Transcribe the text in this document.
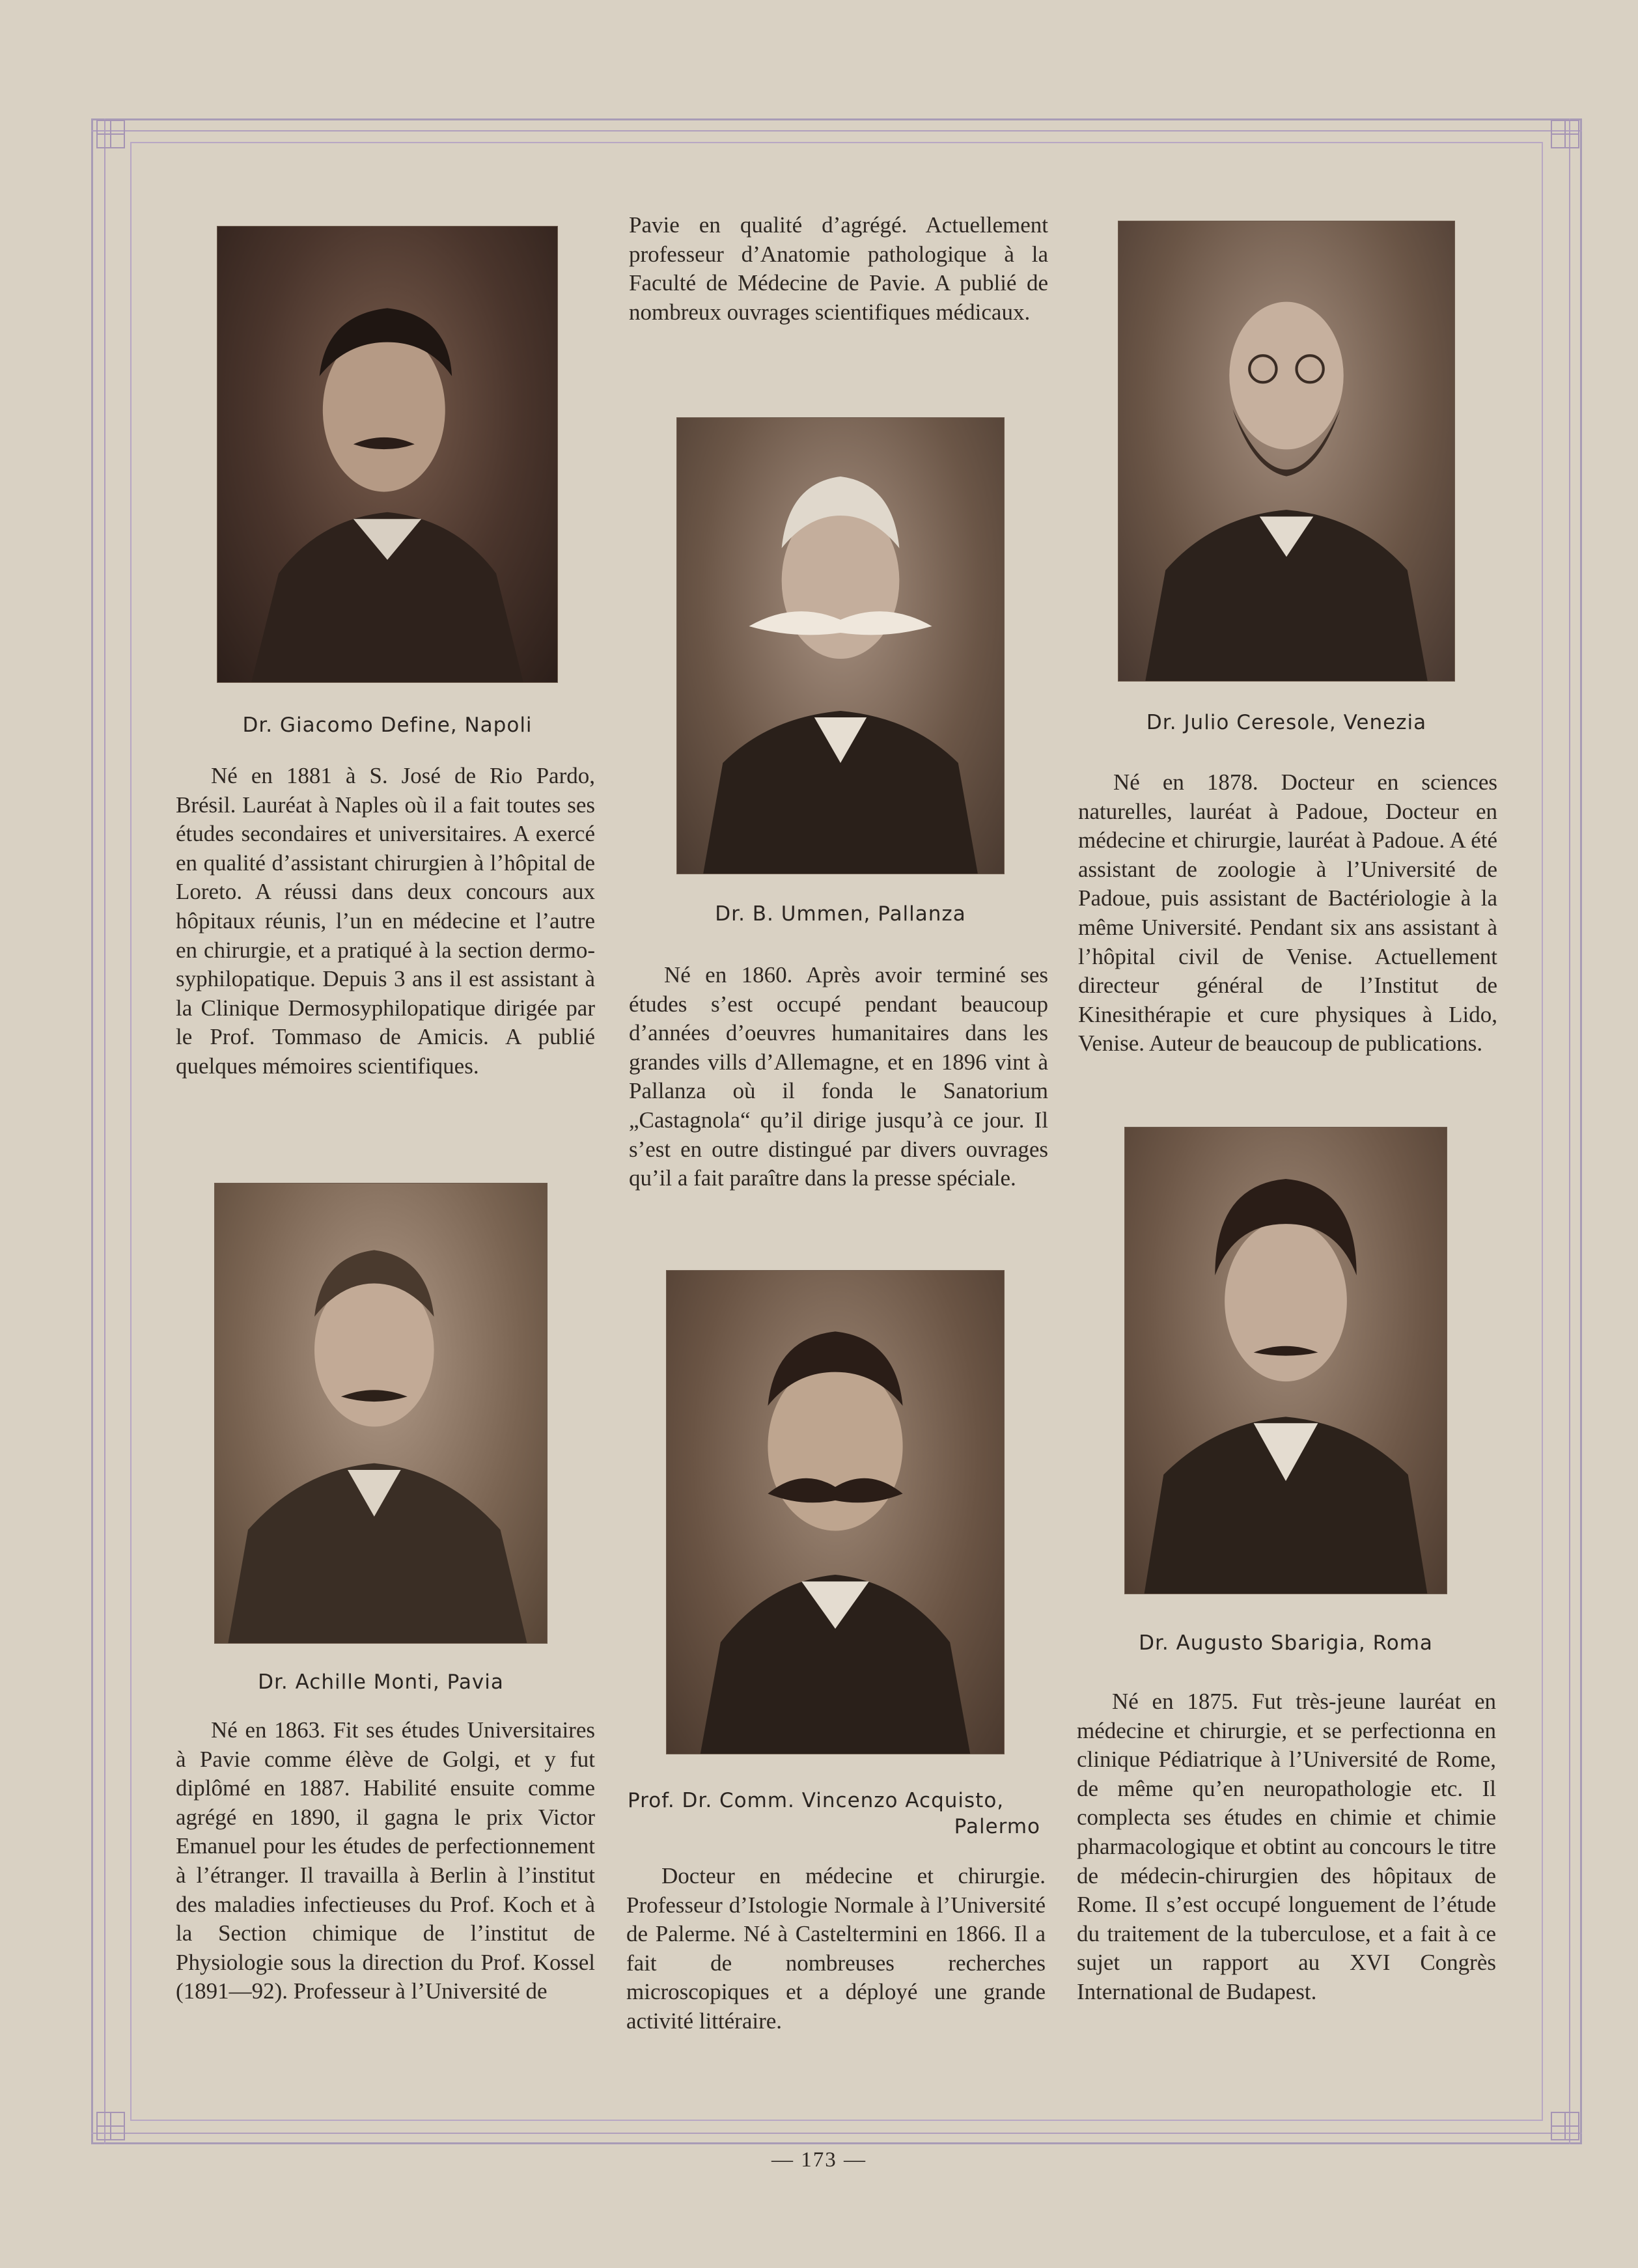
Dr. Giacomo Define, Napoli

Né en 1881 à S. José de Rio Pardo, Brésil. Lauréat à Naples où il a fait toutes ses études secondaires et universitaires. A exercé en qualité d’assistant chirurgien à l’hôpital de Loreto. A réussi dans deux concours aux hôpitaux réunis, l’un en médecine et l’autre en chirurgie, et a pratiqué à la section dermo-syphilopatique. Depuis 3 ans il est assistant à la Clinique Dermosyphilopatique dirigée par le Prof. Tommaso de Amicis. A publié quelques mémoires scientifiques.

Pavie en qualité d’agrégé. Actuellement professeur d’Anatomie pathologique à la Faculté de Médecine de Pavie. A publié de nombreux ouvrages scientifiques médicaux.

Dr. B. Ummen, Pallanza

Né en 1860. Après avoir terminé ses études s’est occupé pendant beaucoup d’années d’oeuvres humanitaires dans les grandes vills d’Allemagne, et en 1896 vint à Pallanza où il fonda le Sanatorium „Castagnola“ qu’il dirige jusqu’à ce jour. Il s’est en outre distingué par divers ouvrages qu’il a fait paraître dans la presse spéciale.

Dr. Julio Ceresole, Venezia

Né en 1878. Docteur en sciences naturelles, lauréat à Padoue, Docteur en médecine et chirurgie, lauréat à Padoue. A été assistant de zoologie à l’Université de Padoue, puis assistant de Bactériologie à la même Université. Pendant six ans assistant à l’hôpital civil de Venise. Actuellement directeur général de l’Institut de Kinesithérapie et cure physiques à Lido, Venise. Auteur de beaucoup de publications.

Dr. Achille Monti, Pavia

Né en 1863. Fit ses études Universitaires à Pavie comme élève de Golgi, et y fut diplômé en 1887. Habilité ensuite comme agrégé en 1890, il gagna le prix Victor Emanuel pour les études de perfectionnement à l’étranger. Il travailla à Berlin à l’institut des maladies infectieuses du Prof. Koch et à la Section chimique de l’institut de Physiologie sous la direction du Prof. Kossel (1891—92). Professeur à l’Université de

Prof. Dr. Comm. Vincenzo Acquisto,
Palermo

Docteur en médecine et chirurgie. Professeur d’Istologie Normale à l’Université de Palerme. Né à Casteltermini en 1866. Il a fait de nombreuses recherches microscopiques et a déployé une grande activité littéraire.

Dr. Augusto Sbarigia, Roma

Né en 1875. Fut très-jeune lauréat en médecine et chirurgie, et se perfectionna en clinique Pédiatrique à l’Université de Rome, de même qu’en neuropathologie etc. Il complecta ses études en chimie et chimie pharmacologique et obtint au concours le titre de médecin-chirurgien des hôpitaux de Rome. Il s’est occupé longuement de l’étude du traitement de la tuberculose, et a fait à ce sujet un rapport au XVI Congrès International de Budapest.

— 173 —
